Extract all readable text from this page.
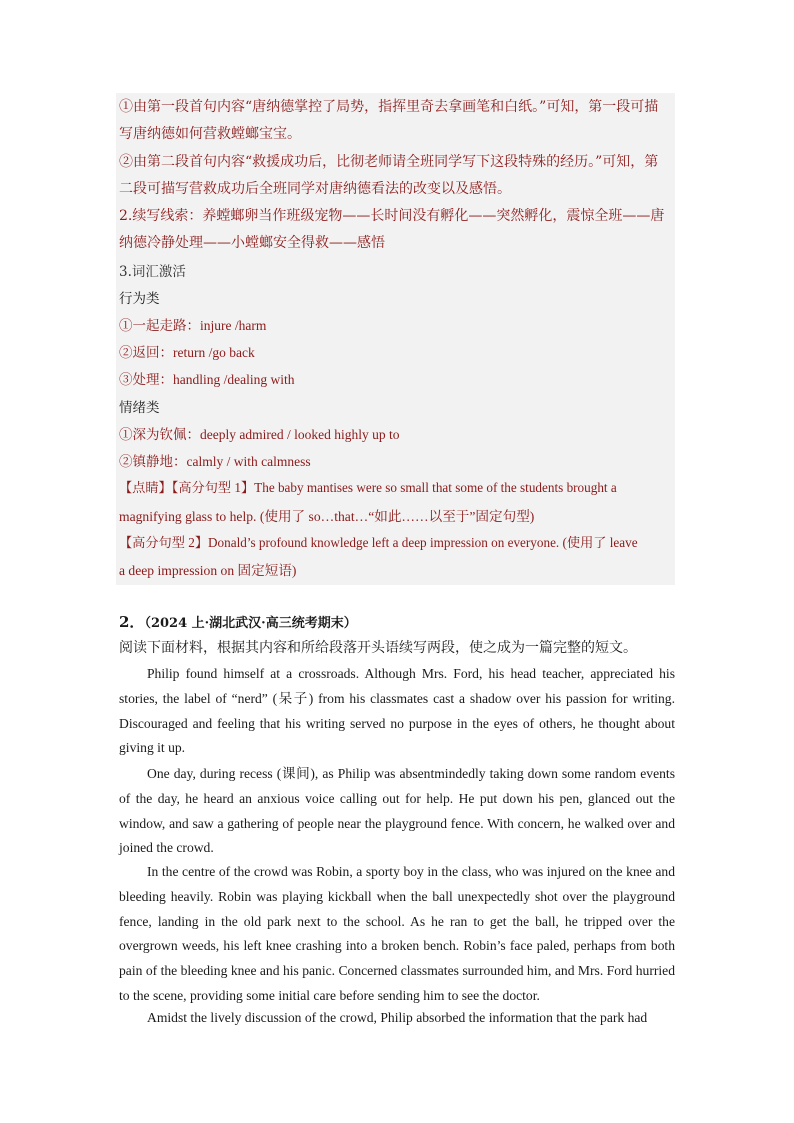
①由第一段首句内容“唐纳德掌控了局势，指挥里奇去拿画笔和白纸。”可知，第一段可描
写唐纳德如何营救螳螂宝宝。
②由第二段首句内容“救援成功后，比彻老师请全班同学写下这段特殊的经历。”可知，第
二段可描写营救成功后全班同学对唐纳德看法的改变以及感悟。
2.续写线索：养螳螂卵当作班级宠物——长时间没有孵化——突然孵化，震惊全班——唐
纳德冷静处理——小螳螂安全得救——感悟
3.词汇激活
行为类
①一起走路：injure /harm
②返回：return /go back
③处理：handling /dealing with
情绪类
①深为钦佩：deeply admired / looked highly up to
②镇静地：calmly / with calmness
【点睛】【高分句型 1】The baby mantises were so small that some of the students brought a
magnifying glass to help. (使用了 so…that…“如此……以至于”固定句型)
【高分句型 2】Donald’s profound knowledge left a deep impression on everyone. (使用了 leave
a deep impression on 固定短语)
2．（2024 上·湖北武汉·高三统考期末）
阅读下面材料，根据其内容和所给段落开头语续写两段，使之成为一篇完整的短文。
Philip found himself at a crossroads. Although Mrs. Ford, his head teacher, appreciated his stories, the label of “nerd” (呆子) from his classmates cast a shadow over his passion for writing. Discouraged and feeling that his writing served no purpose in the eyes of others, he thought about giving it up.
One day, during recess (课间), as Philip was absentmindedly taking down some random events of the day, he heard an anxious voice calling out for help. He put down his pen, glanced out the window, and saw a gathering of people near the playground fence. With concern, he walked over and joined the crowd.
In the centre of the crowd was Robin, a sporty boy in the class, who was injured on the knee and bleeding heavily. Robin was playing kickball when the ball unexpectedly shot over the playground fence, landing in the old park next to the school. As he ran to get the ball, he tripped over the overgrown weeds, his left knee crashing into a broken bench. Robin’s face paled, perhaps from both pain of the bleeding knee and his panic. Concerned classmates surrounded him, and Mrs. Ford hurried to the scene, providing some initial care before sending him to see the doctor.
Amidst the lively discussion of the crowd, Philip absorbed the information that the park had
